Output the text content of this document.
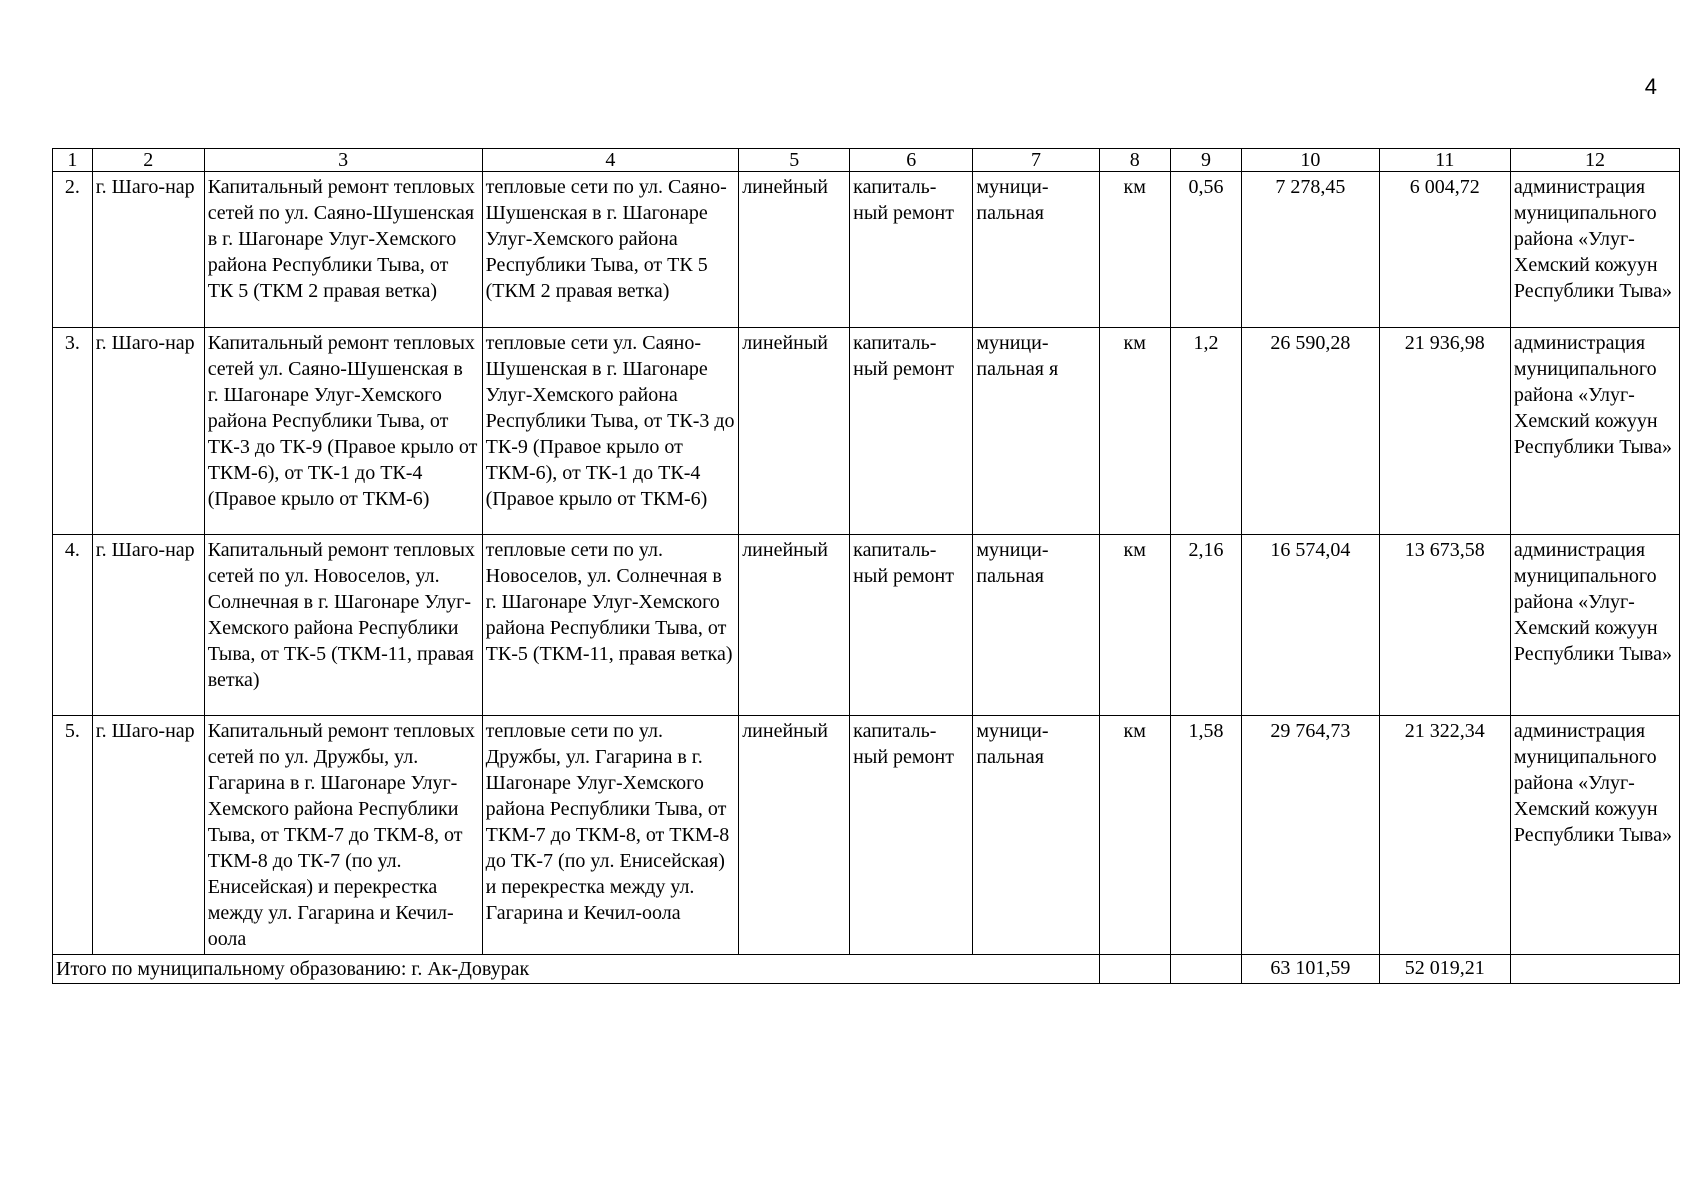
4
1	2	3	4	5	6	7	8	9	10	11	12
2.	г. Шаго-нар	Капитальный ремонт тепловых сетей по ул. Саяно-Шушенская в г. Шагонаре Улуг-Хемского района Республики Тыва, от ТК 5 (ТКМ 2 правая ветка)	тепловые сети по ул. Саяно-Шушенская в г. Шагонаре Улуг-Хемского района Республики Тыва, от ТК 5 (ТКМ 2 правая ветка)	линейный	капиталь-ный ремонт	муници-пальная	км	0,56	7 278,45	6 004,72	администрация муниципального района «Улуг-Хемский кожуун Республики Тыва»
3.	г. Шаго-нар	Капитальный ремонт тепловых сетей ул. Саяно-Шушенская в г. Шагонаре Улуг-Хемского района Республики Тыва, от ТК-3 до ТК-9 (Правое крыло от ТКМ-6), от ТК-1 до ТК-4 (Правое крыло от ТКМ-6)	тепловые сети ул. Саяно-Шушенская в г. Шагонаре Улуг-Хемского района Республики Тыва, от ТК-3 до ТК-9 (Правое крыло от ТКМ-6), от ТК-1 до ТК-4 (Правое крыло от ТКМ-6)	линейный	капиталь-ный ремонт	муници-пальная я	км	1,2	26 590,28	21 936,98	администрация муниципального района «Улуг-Хемский кожуун Республики Тыва»
4.	г. Шаго-нар	Капитальный ремонт тепловых сетей по ул. Новоселов, ул. Солнечная в г. Шагонаре Улуг-Хемского района Республики Тыва, от ТК-5 (ТКМ-11, правая ветка)	тепловые сети по ул. Новоселов, ул. Солнечная в г. Шагонаре Улуг-Хемского района Республики Тыва, от ТК-5 (ТКМ-11, правая ветка)	линейный	капиталь-ный ремонт	муници-пальная	км	2,16	16 574,04	13 673,58	администрация муниципального района «Улуг-Хемский кожуун Республики Тыва»
5.	г. Шаго-нар	Капитальный ремонт тепловых сетей по ул. Дружбы, ул. Гагарина в г. Шагонаре Улуг-Хемского района Республики Тыва, от ТКМ-7 до ТКМ-8, от ТКМ-8 до ТК-7 (по ул. Енисейская) и перекрестка между ул. Гагарина и Кечил-оола	тепловые сети по ул. Дружбы, ул. Гагарина в г. Шагонаре Улуг-Хемского района Республики Тыва, от ТКМ-7 до ТКМ-8, от ТКМ-8 до ТК-7 (по ул. Енисейская) и перекрестка между ул. Гагарина и Кечил-оола	линейный	капиталь-ный ремонт	муници-пальная	км	1,58	29 764,73	21 322,34	администрация муниципального района «Улуг-Хемский кожуун Республики Тыва»
Итого по муниципальному образованию: г. Ак-Довурак									63 101,59	52 019,21	
